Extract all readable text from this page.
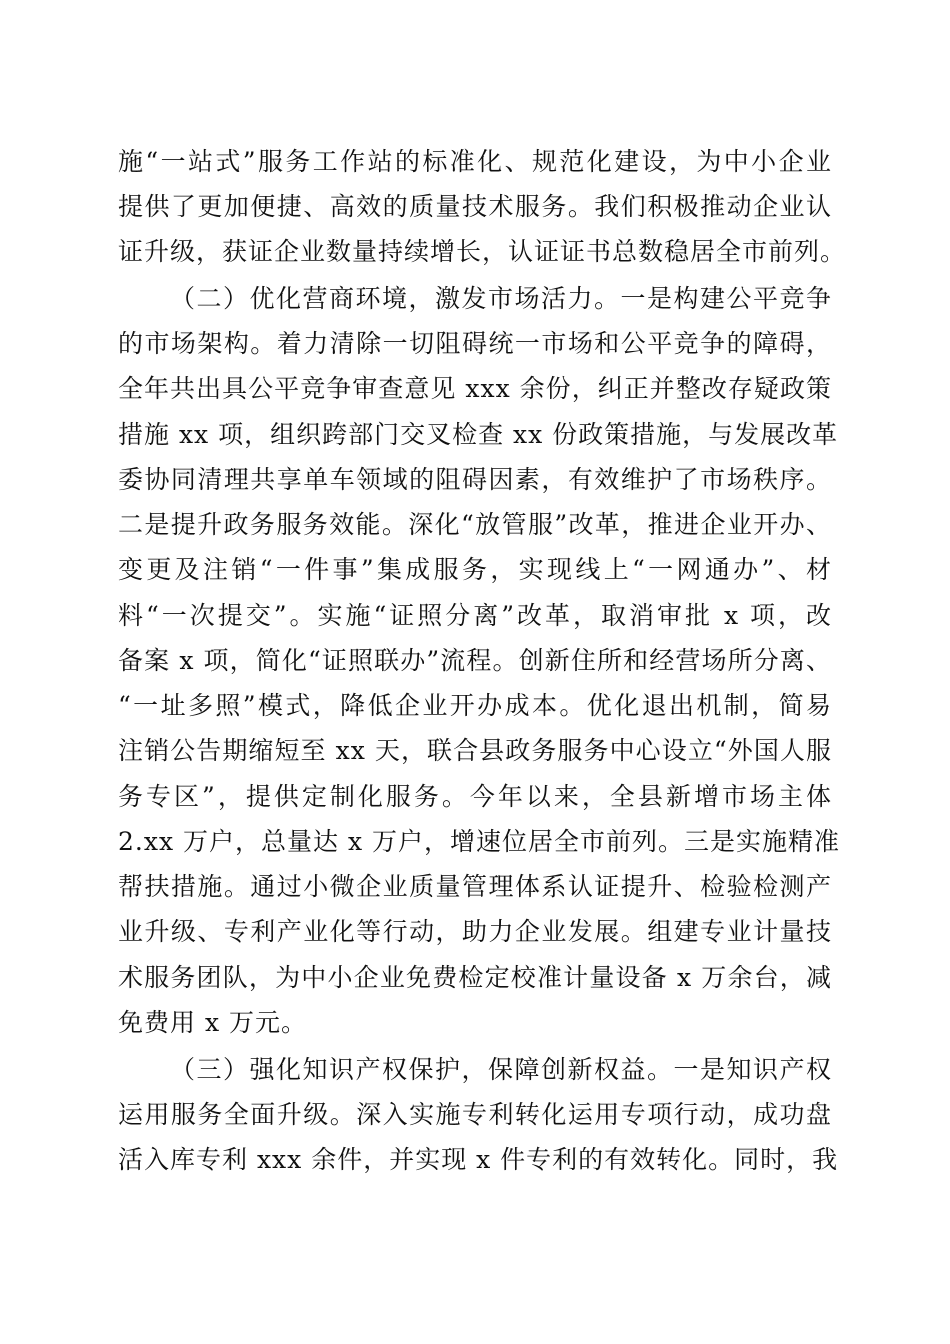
施“一站式”服务工作站的标准化、规范化建设，为中小企业
提供了更加便捷、高效的质量技术服务。我们积极推动企业认
证升级，获证企业数量持续增长，认证证书总数稳居全市前列。
（二）优化营商环境，激发市场活力。一是构建公平竞争
的市场架构。着力清除一切阻碍统一市场和公平竞争的障碍，
全年共出具公平竞争审查意见 xxx 余份，纠正并整改存疑政策
措施 xx 项，组织跨部门交叉检查 xx 份政策措施，与发展改革
委协同清理共享单车领域的阻碍因素，有效维护了市场秩序。
二是提升政务服务效能。深化“放管服”改革，推进企业开办、
变更及注销“一件事”集成服务，实现线上“一网通办”、材
料“一次提交”。实施“证照分离”改革，取消审批 x 项，改
备案 x 项，简化“证照联办”流程。创新住所和经营场所分离、
“一址多照”模式，降低企业开办成本。优化退出机制，简易
注销公告期缩短至 xx 天，联合县政务服务中心设立“外国人服
务专区”，提供定制化服务。今年以来，全县新增市场主体
2.xx 万户，总量达 x 万户，增速位居全市前列。三是实施精准
帮扶措施。通过小微企业质量管理体系认证提升、检验检测产
业升级、专利产业化等行动，助力企业发展。组建专业计量技
术服务团队，为中小企业免费检定校准计量设备 x 万余台，减
免费用 x 万元。
（三）强化知识产权保护，保障创新权益。一是知识产权
运用服务全面升级。深入实施专利转化运用专项行动，成功盘
活入库专利 xxx 余件，并实现 x 件专利的有效转化。同时，我
